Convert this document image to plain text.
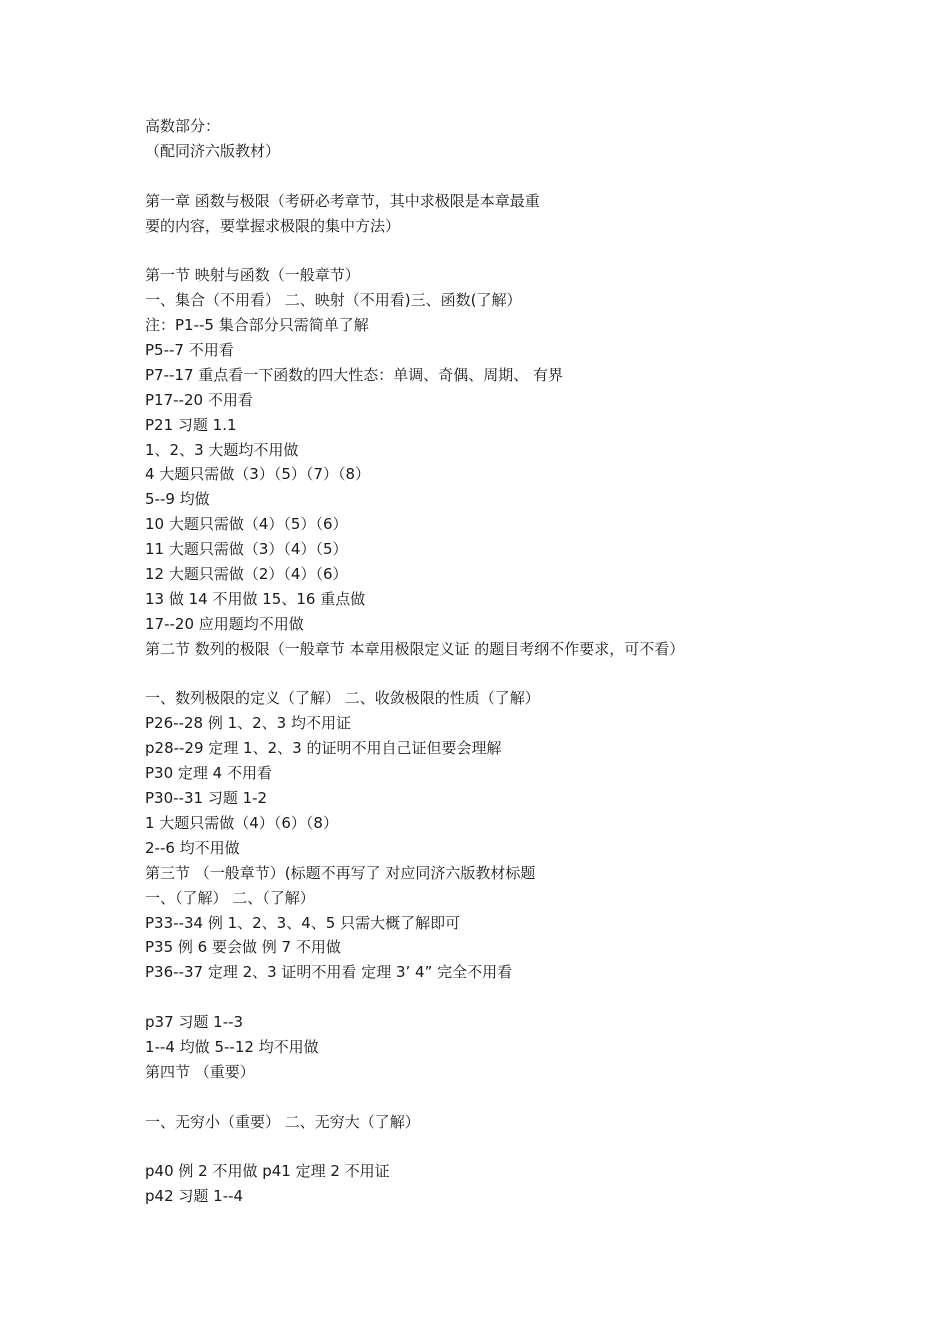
高数部分：
（配同济六版教材）
第一章 函数与极限（考研必考章节，其中求极限是本章最重
要的内容，要掌握求极限的集中方法）
第一节 映射与函数（一般章节）
一、集合（不用看） 二、映射（不用看)三、函数(了解）
注：P1--5 集合部分只需简单了解
P5--7 不用看
P7--17 重点看一下函数的四大性态：单调、奇偶、周期、 有界
P17--20 不用看
P21 习题 1.1
1、2、3 大题均不用做
4 大题只需做（3）（5）（7）（8）
5--9 均做
10 大题只需做（4）（5）（6）
11 大题只需做（3）（4）（5）
12 大题只需做（2）（4）（6）
13 做 14 不用做 15、16 重点做
17--20 应用题均不用做
第二节 数列的极限（一般章节 本章用极限定义证 的题目考纲不作要求，可不看）
一、数列极限的定义（了解） 二、收敛极限的性质（了解）
P26--28 例 1、2、3 均不用证
p28--29 定理 1、2、3 的证明不用自己证但要会理解
P30 定理 4 不用看
P30--31 习题 1-2
1 大题只需做（4）（6）（8）
2--6 均不用做
第三节 （一般章节）(标题不再写了 对应同济六版教材标题
一、（了解） 二、（了解）
P33--34 例 1、2、3、4、5 只需大概了解即可
P35 例 6 要会做 例 7 不用做
P36--37 定理 2、3 证明不用看 定理 3’ 4” 完全不用看
p37 习题 1--3
1--4 均做 5--12 均不用做
第四节 （重要）
一、无穷小（重要） 二、无穷大（了解）
p40 例 2 不用做 p41 定理 2 不用证
p42 习题 1--4
